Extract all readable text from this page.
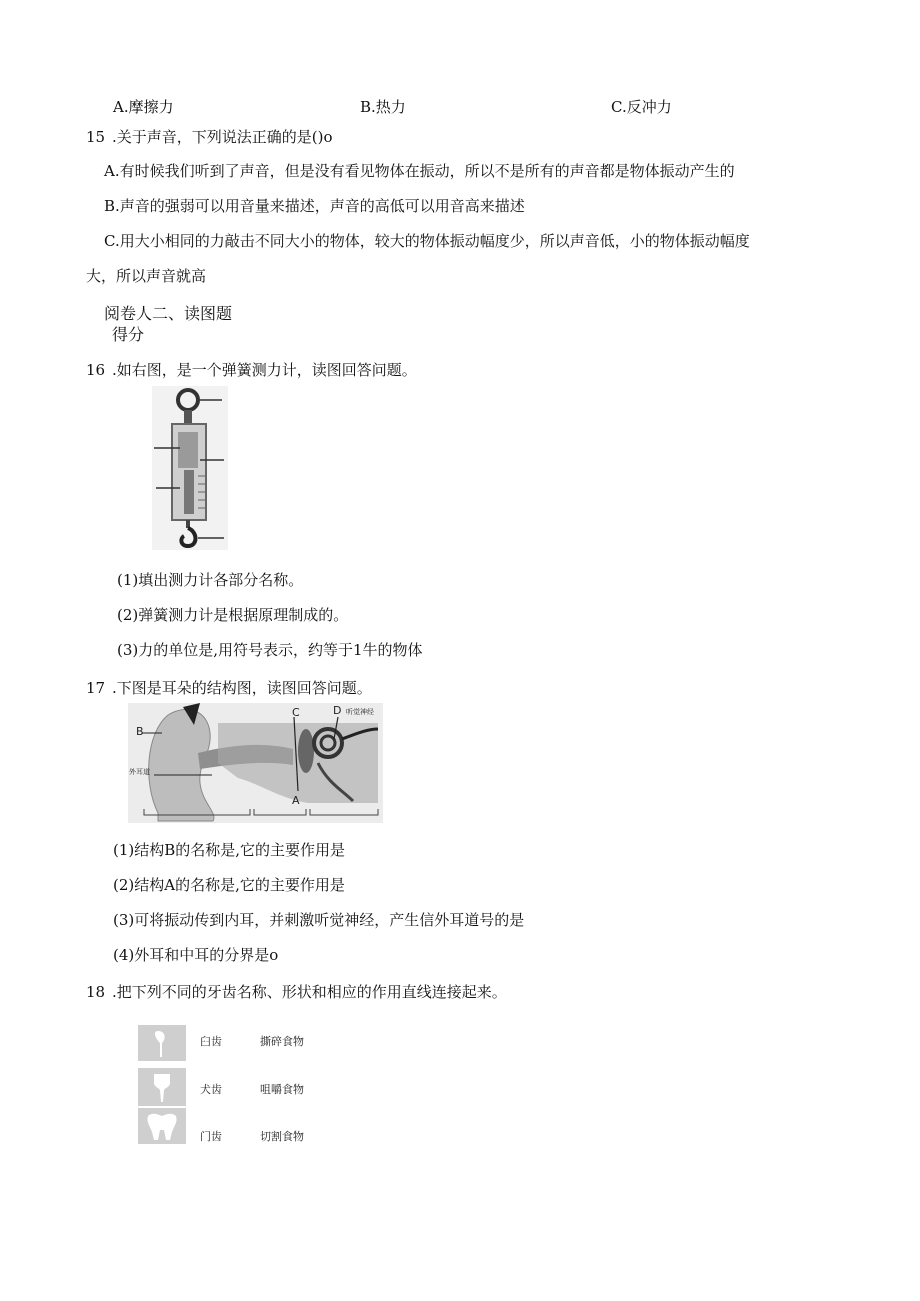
A.摩擦力	B.热力	C.反冲力
15 .关于声音，下列说法正确的是()o
A.有时候我们听到了声音，但是没有看见物体在振动，所以不是所有的声音都是物体振动产生的
B.声音的强弱可以用音量来描述，声音的高低可以用音高来描述
C.用大小相同的力敲击不同大小的物体，较大的物体振动幅度少，所以声音低，小的物体振动幅度
大，所以声音就高
阅卷人二、读图题
得分
16 .如右图，是一个弹簧测力计，读图回答问题。
(1)填出测力计各部分名称。
(2)弹簧测力计是根据原理制成的。
(3)力的单位是,用符号表示，约等于1牛的物体
17 .下图是耳朵的结构图，读图回答问题。
B
C	D 听觉神经
外耳道
A
(1)结构B的名称是,它的主要作用是
(2)结构A的名称是,它的主要作用是
(3)可将振动传到内耳，并刺激听觉神经，产生信外耳道号的是
(4)外耳和中耳的分界是o
18 .把下列不同的牙齿名称、形状和相应的作用直线连接起来。
臼齿
犬齿
门齿
撕碎食物
咀嚼食物
切割食物
